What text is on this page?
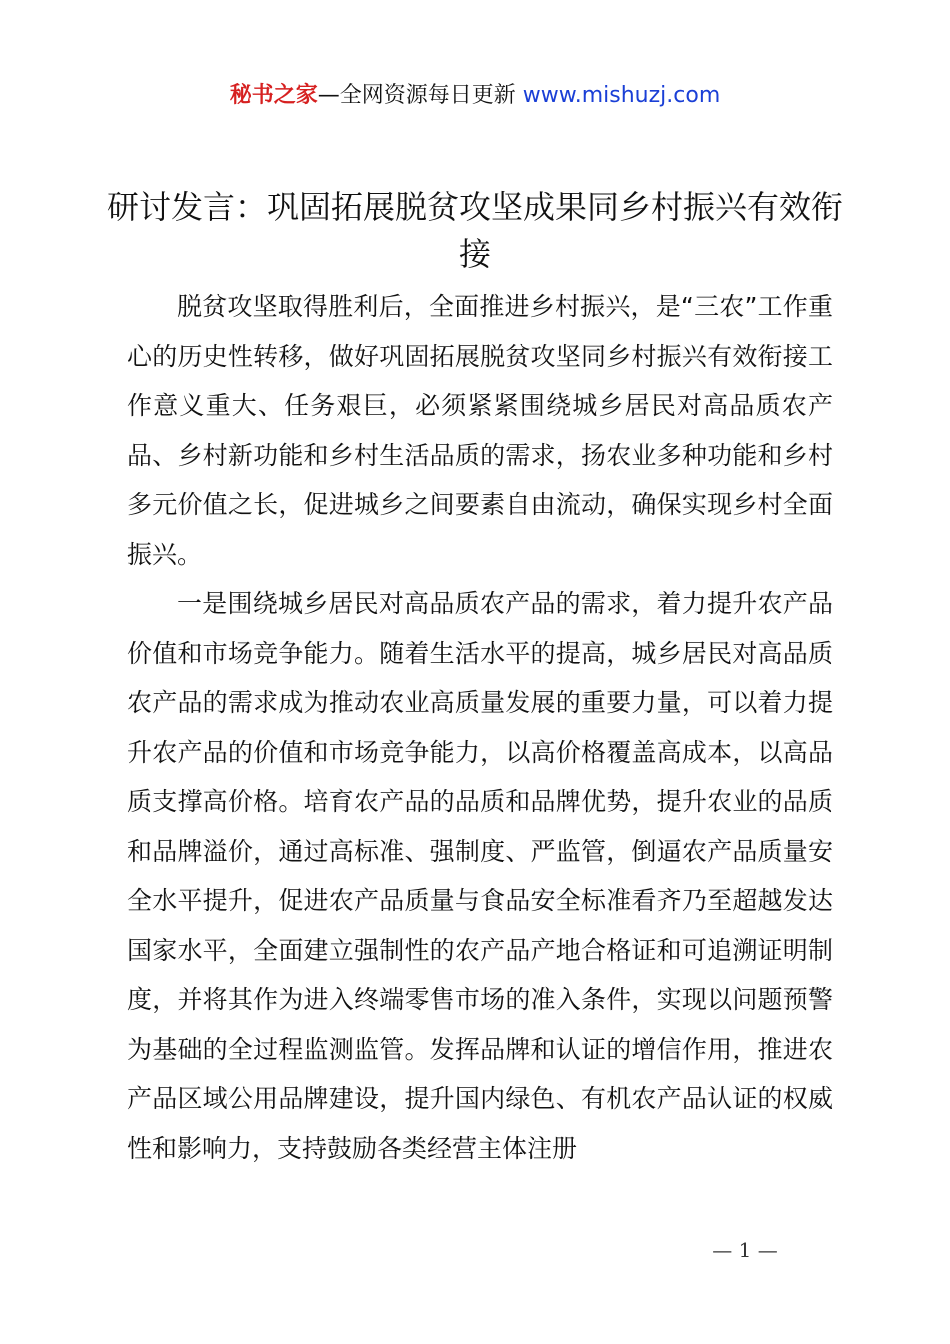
秘书之家—全网资源每日更新 www.mishuzj.com
研讨发言：巩固拓展脱贫攻坚成果同乡村振兴有效衔接

脱贫攻坚取得胜利后，全面推进乡村振兴，是“三农”工作重心的历史性转移，做好巩固拓展脱贫攻坚同乡村振兴有效衔接工作意义重大、任务艰巨，必须紧紧围绕城乡居民对高品质农产品、乡村新功能和乡村生活品质的需求，扬农业多种功能和乡村多元价值之长，促进城乡之间要素自由流动，确保实现乡村全面振兴。

一是围绕城乡居民对高品质农产品的需求，着力提升农产品价值和市场竞争能力。随着生活水平的提高，城乡居民对高品质农产品的需求成为推动农业高质量发展的重要力量，可以着力提升农产品的价值和市场竞争能力，以高价格覆盖高成本，以高品质支撑高价格。培育农产品的品质和品牌优势，提升农业的品质和品牌溢价，通过高标准、强制度、严监管，倒逼农产品质量安全水平提升，促进农产品质量与食品安全标准看齐乃至超越发达国家水平，全面建立强制性的农产品产地合格证和可追溯证明制度，并将其作为进入终端零售市场的准入条件，实现以问题预警为基础的全过程监测监管。发挥品牌和认证的增信作用，推进农产品区域公用品牌建设，提升国内绿色、有机农产品认证的权威性和影响力，支持鼓励各类经营主体注册

— 1 —
